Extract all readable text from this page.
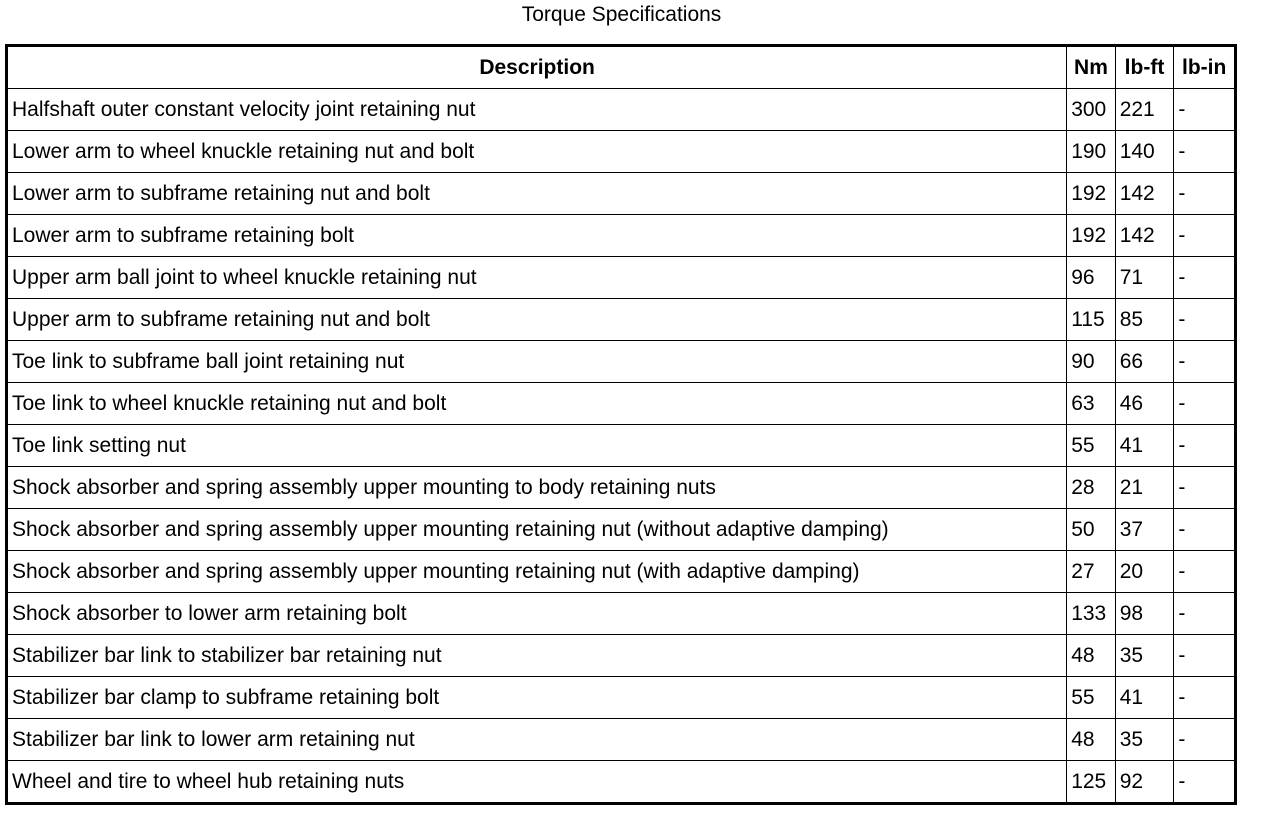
Torque Specifications
Description	Nm	lb-ft	lb-in
Halfshaft outer constant velocity joint retaining nut	300	221	-
Lower arm to wheel knuckle retaining nut and bolt	190	140	-
Lower arm to subframe retaining nut and bolt	192	142	-
Lower arm to subframe retaining bolt	192	142	-
Upper arm ball joint to wheel knuckle retaining nut	96	71	-
Upper arm to subframe retaining nut and bolt	115	85	-
Toe link to subframe ball joint retaining nut	90	66	-
Toe link to wheel knuckle retaining nut and bolt	63	46	-
Toe link setting nut	55	41	-
Shock absorber and spring assembly upper mounting to body retaining nuts	28	21	-
Shock absorber and spring assembly upper mounting retaining nut (without adaptive damping)	50	37	-
Shock absorber and spring assembly upper mounting retaining nut (with adaptive damping)	27	20	-
Shock absorber to lower arm retaining bolt	133	98	-
Stabilizer bar link to stabilizer bar retaining nut	48	35	-
Stabilizer bar clamp to subframe retaining bolt	55	41	-
Stabilizer bar link to lower arm retaining nut	48	35	-
Wheel and tire to wheel hub retaining nuts	125	92	-
